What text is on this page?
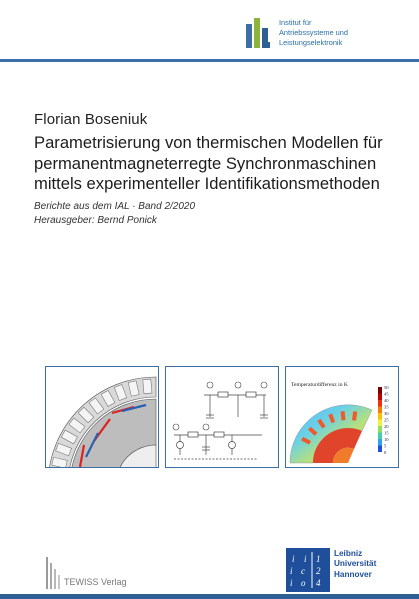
Institut für
Antriebssysteme und
Leistungselektronik
Florian Boseniuk
Parametrisierung von thermischen Modellen für
permanentmagneterregte Synchronmaschinen
mittels experimenteller Identifikationsmethoden
Berichte aus dem IAL · Band 2/2020
Herausgeber: Bernd Ponick
Temperaturdifferenz in K	50
45
40
35
30
25
20
15
10
5
0
TEWISS Verlag
i i 1
i c 2
i o 4
Leibniz
Universität
Hannover
